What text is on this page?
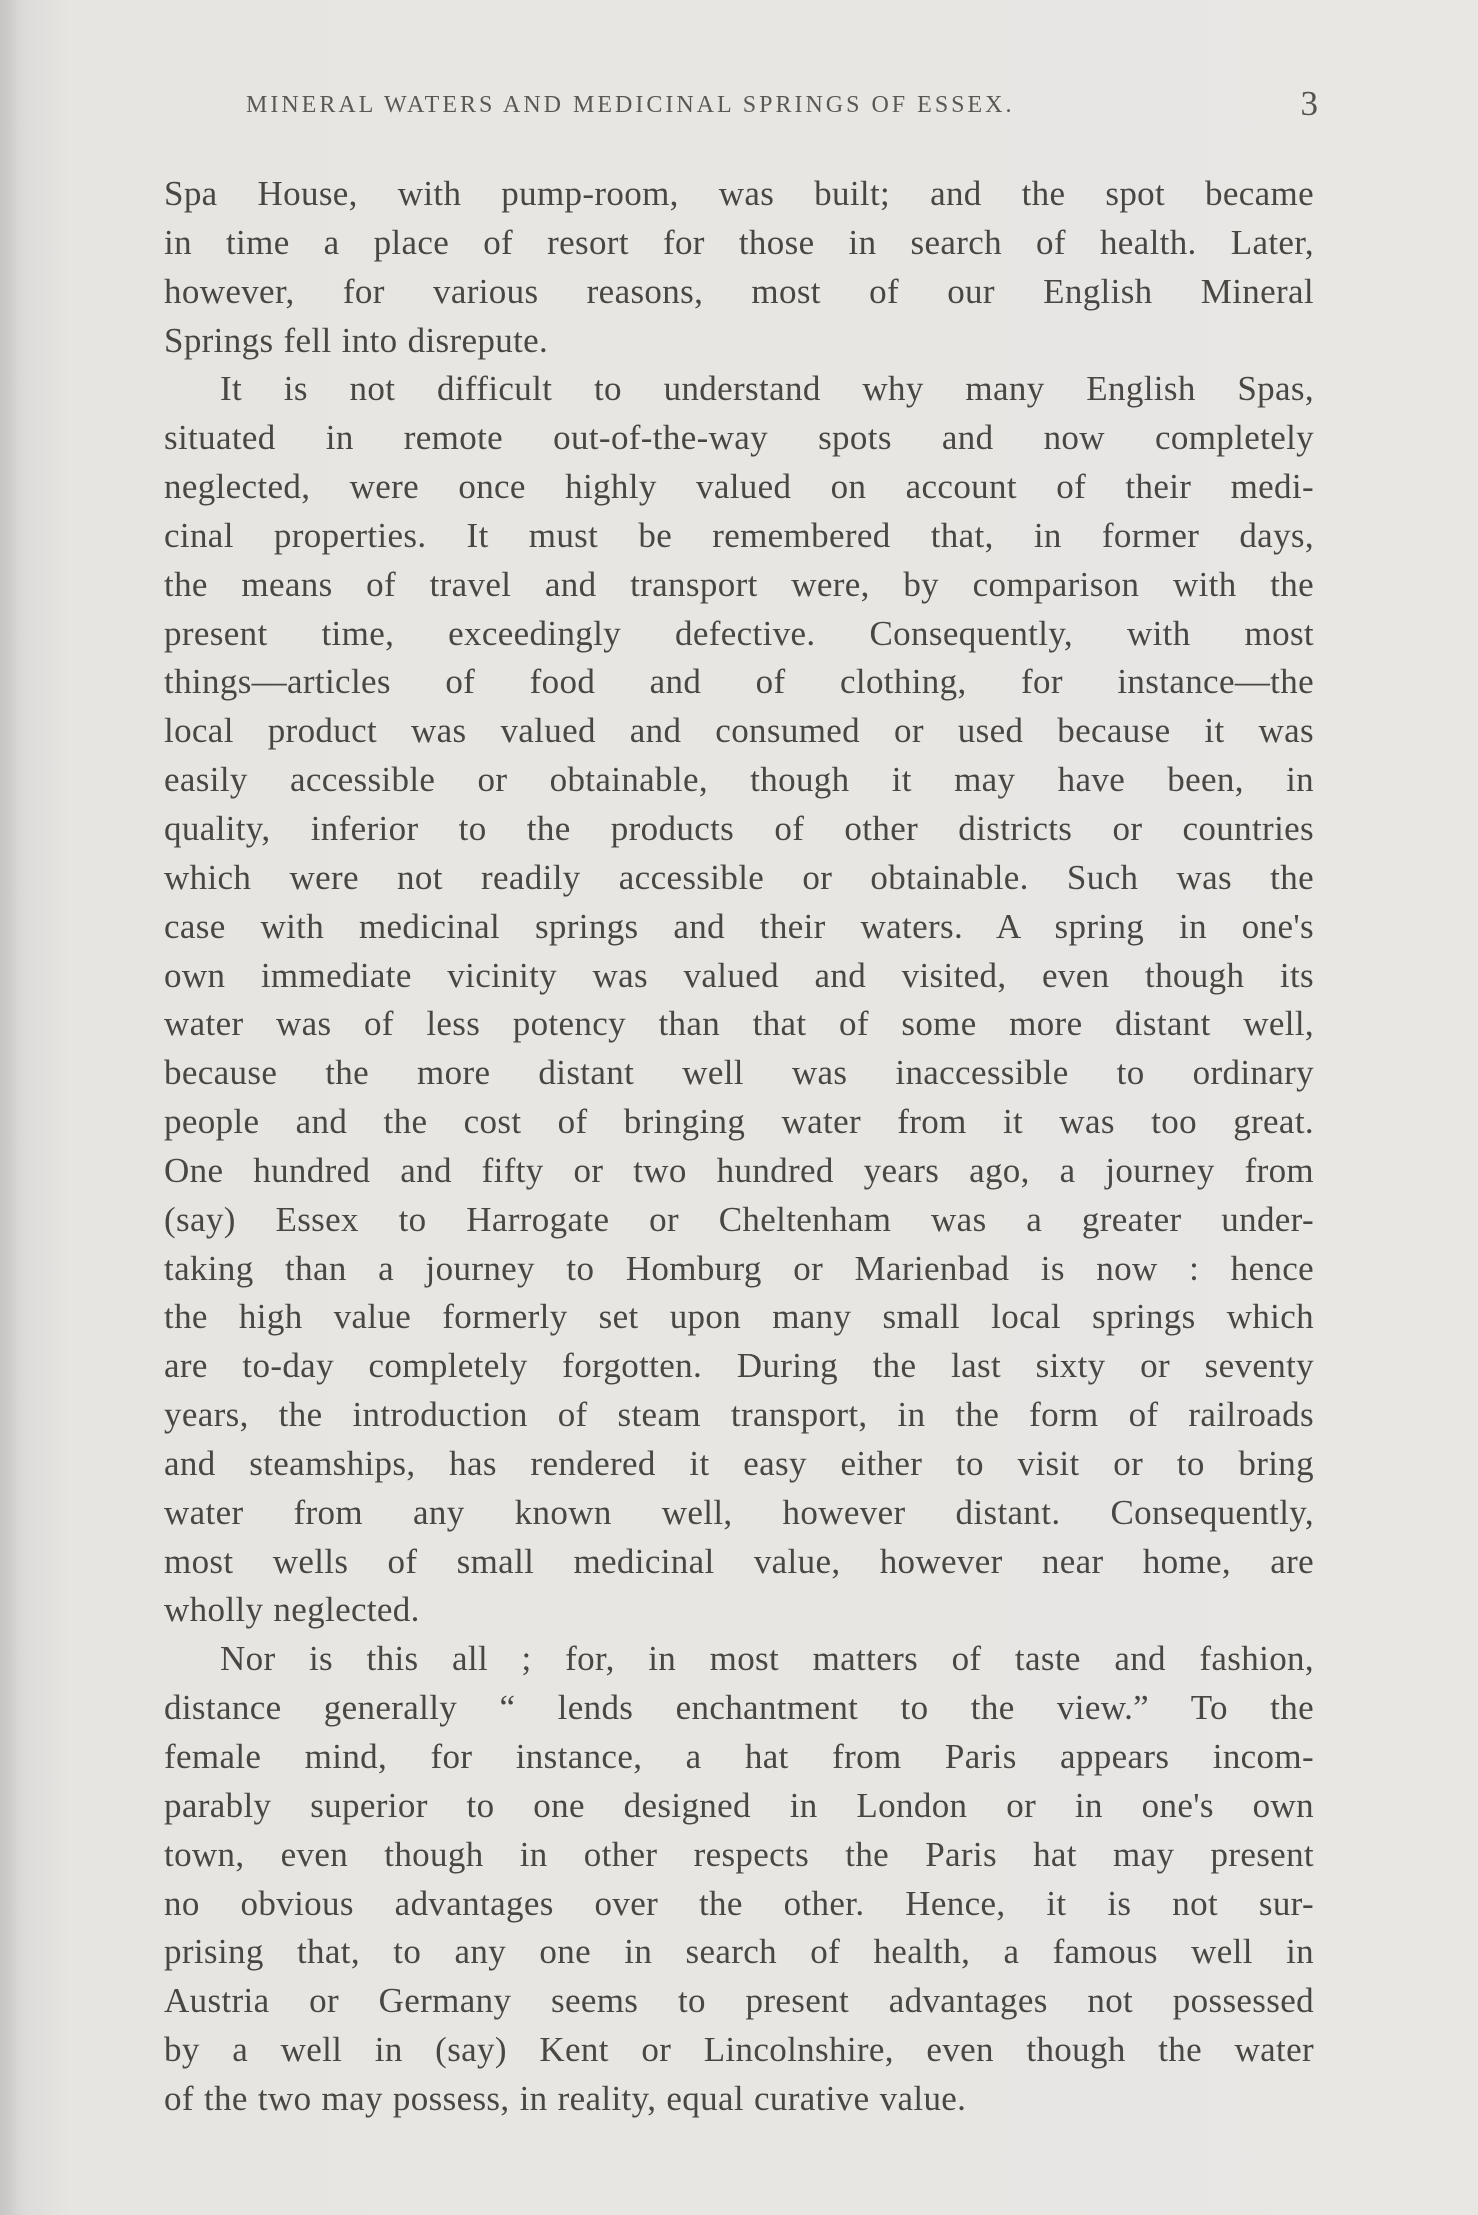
MINERAL WATERS AND MEDICINAL SPRINGS OF ESSEX.	3
Spa House, with pump-room, was built; and the spot became
in time a place of resort for those in search of health. Later,
however, for various reasons, most of our English Mineral
Springs fell into disrepute.
It is not difficult to understand why many English Spas,
situated in remote out-of-the-way spots and now completely
neglected, were once highly valued on account of their medi-
cinal properties. It must be remembered that, in former days,
the means of travel and transport were, by comparison with the
present time, exceedingly defective. Consequently, with most
things—articles of food and of clothing, for instance—the
local product was valued and consumed or used because it was
easily accessible or obtainable, though it may have been, in
quality, inferior to the products of other districts or countries
which were not readily accessible or obtainable. Such was the
case with medicinal springs and their waters. A spring in one's
own immediate vicinity was valued and visited, even though its
water was of less potency than that of some more distant well,
because the more distant well was inaccessible to ordinary
people and the cost of bringing water from it was too great.
One hundred and fifty or two hundred years ago, a journey from
(say) Essex to Harrogate or Cheltenham was a greater under-
taking than a journey to Homburg or Marienbad is now : hence
the high value formerly set upon many small local springs which
are to-day completely forgotten. During the last sixty or seventy
years, the introduction of steam transport, in the form of railroads
and steamships, has rendered it easy either to visit or to bring
water from any known well, however distant. Consequently,
most wells of small medicinal value, however near home, are
wholly neglected.
Nor is this all ; for, in most matters of taste and fashion,
distance generally “ lends enchantment to the view.” To the
female mind, for instance, a hat from Paris appears incom-
parably superior to one designed in London or in one's own
town, even though in other respects the Paris hat may present
no obvious advantages over the other. Hence, it is not sur-
prising that, to any one in search of health, a famous well in
Austria or Germany seems to present advantages not possessed
by a well in (say) Kent or Lincolnshire, even though the water
of the two may possess, in reality, equal curative value.
